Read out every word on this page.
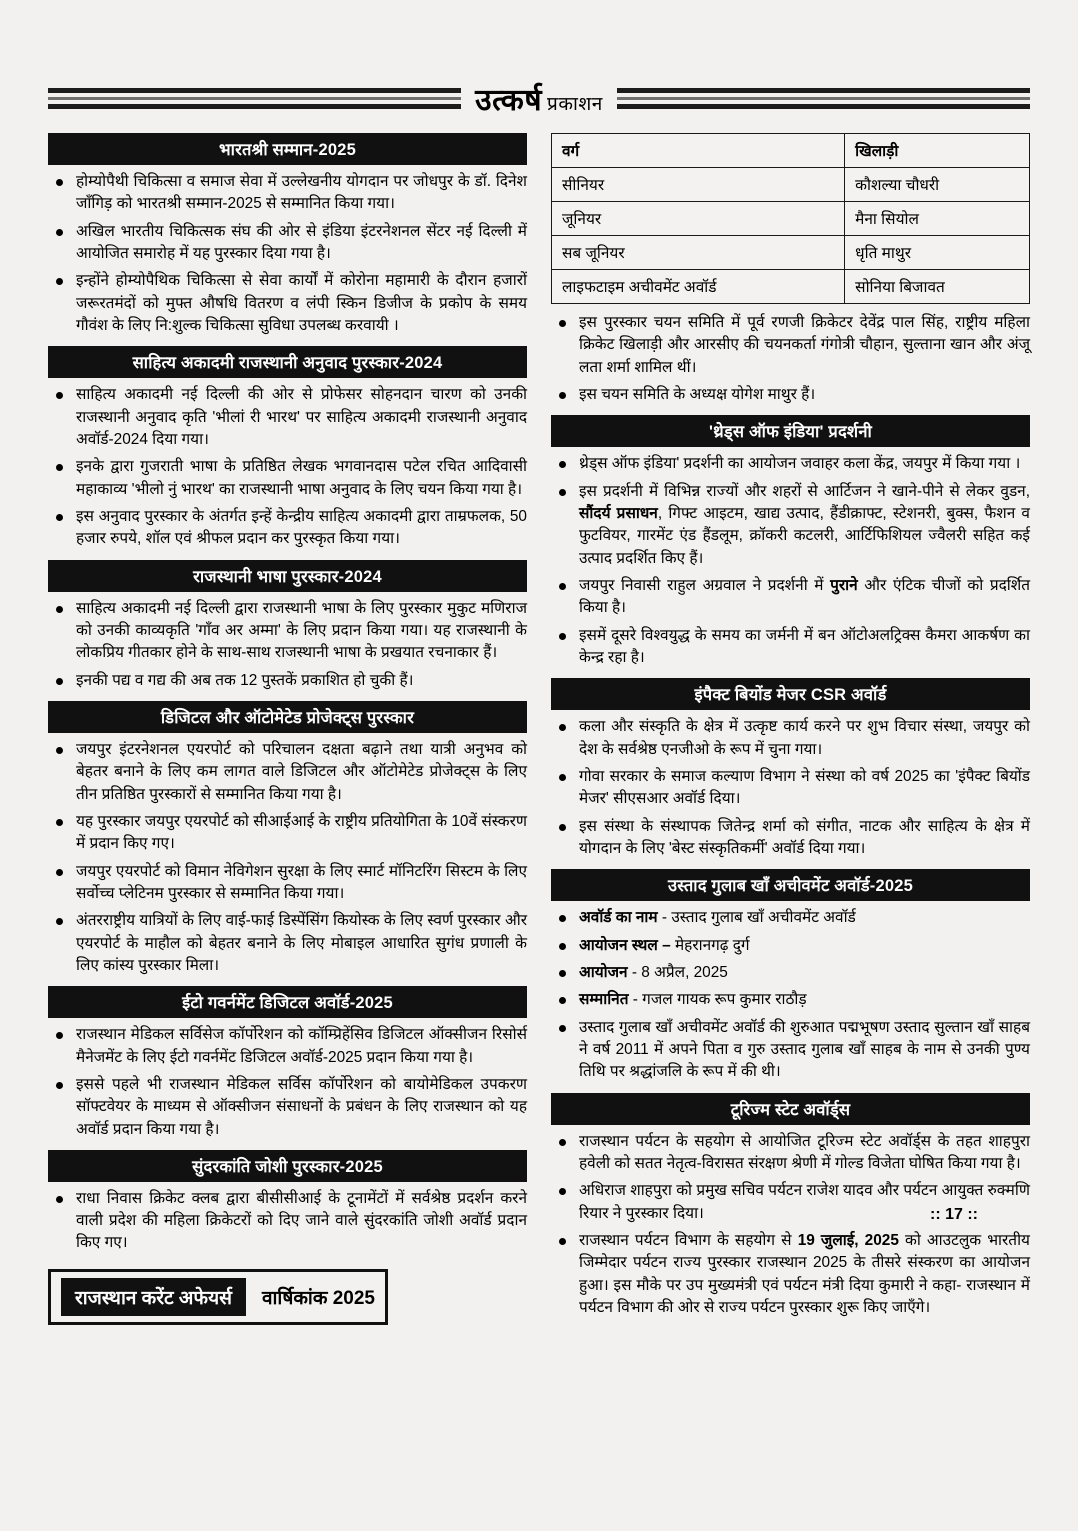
उत्कर्ष प्रकाशन
भारतश्री सम्मान-2025
होम्योपैथी चिकित्सा व समाज सेवा में उल्लेखनीय योगदान पर जोधपुर के डॉ. दिनेश जाँगिड़ को भारतश्री सम्मान-2025 से सम्मानित किया गया।
अखिल भारतीय चिकित्सक संघ की ओर से इंडिया इंटरनेशनल सेंटर नई दिल्ली में आयोजित समारोह में यह पुरस्कार दिया गया है।
इन्होंने होम्योपैथिक चिकित्सा से सेवा कार्यों में कोरोना महामारी के दौरान हजारों जरूरतमंदों को मुफ्त औषधि वितरण व लंपी स्किन डिजीज के प्रकोप के समय गौवंश के लिए नि:शुल्क चिकित्सा सुविधा उपलब्ध करवायी ।
साहित्य अकादमी राजस्थानी अनुवाद पुरस्कार-2024
साहित्य अकादमी नई दिल्ली की ओर से प्रोफेसर सोहनदान चारण को उनकी राजस्थानी अनुवाद कृति 'भीलां री भारथ' पर साहित्य अकादमी राजस्थानी अनुवाद अवॉर्ड-2024 दिया गया।
इनके द्वारा गुजराती भाषा के प्रतिष्ठित लेखक भगवानदास पटेल रचित आदिवासी महाकाव्य 'भीलो नुं भारथ' का राजस्थानी भाषा अनुवाद के लिए चयन किया गया है।
इस अनुवाद पुरस्कार के अंतर्गत इन्हें केन्द्रीय साहित्य अकादमी द्वारा ताम्रफलक, 50 हजार रुपये, शॉल एवं श्रीफल प्रदान कर पुरस्कृत किया गया।
राजस्थानी भाषा पुरस्कार-2024
साहित्य अकादमी नई दिल्ली द्वारा राजस्थानी भाषा के लिए पुरस्कार मुकुट मणिराज को उनकी काव्यकृति 'गाँव अर अम्मा' के लिए प्रदान किया गया। यह राजस्थानी के लोकप्रिय गीतकार होने के साथ-साथ राजस्थानी भाषा के प्रखयात रचनाकार हैं।
इनकी पद्य व गद्य की अब तक 12 पुस्तकें प्रकाशित हो चुकी हैं।
डिजिटल और ऑटोमेटेड प्रोजेक्ट्स पुरस्कार
जयपुर इंटरनेशनल एयरपोर्ट को परिचालन दक्षता बढ़ाने तथा यात्री अनुभव को बेहतर बनाने के लिए कम लागत वाले डिजिटल और ऑटोमेटेड प्रोजेक्ट्स के लिए तीन प्रतिष्ठित पुरस्कारों से सम्मानित किया गया है।
यह पुरस्कार जयपुर एयरपोर्ट को सीआईआई के राष्ट्रीय प्रतियोगिता के 10वें संस्करण में प्रदान किए गए।
जयपुर एयरपोर्ट को विमान नेविगेशन सुरक्षा के लिए स्मार्ट मॉनिटरिंग सिस्टम के लिए सर्वोच्च प्लेटिनम पुरस्कार से सम्मानित किया गया।
अंतरराष्ट्रीय यात्रियों के लिए वाई-फाई डिस्पेंसिंग कियोस्क के लिए स्वर्ण पुरस्कार और एयरपोर्ट के माहौल को बेहतर बनाने के लिए मोबाइल आधारित सुगंध प्रणाली के लिए कांस्य पुरस्कार मिला।
ईटो गवर्नमेंट डिजिटल अवॉर्ड-2025
राजस्थान मेडिकल सर्विसेज कॉर्पोरेशन को कॉम्प्रिहेंसिव डिजिटल ऑक्सीजन रिसोर्स मैनेजमेंट के लिए ईटो गवर्नमेंट डिजिटल अवॉर्ड-2025 प्रदान किया गया है।
इससे पहले भी राजस्थान मेडिकल सर्विस कॉर्पोरेशन को बायोमेडिकल उपकरण सॉफ्टवेयर के माध्यम से ऑक्सीजन संसाधनों के प्रबंधन के लिए राजस्थान को यह अवॉर्ड प्रदान किया गया है।
सुंदरकांति जोशी पुरस्कार-2025
राधा निवास क्रिकेट क्लब द्वारा बीसीसीआई के टूनामेंटों में सर्वश्रेष्ठ प्रदर्शन करने वाली प्रदेश की महिला क्रिकेटरों को दिए जाने वाले सुंदरकांति जोशी अवॉर्ड प्रदान किए गए।
राजस्थान करेंट अफेयर्स	वार्षिकांक 2025
वर्ग	खिलाड़ी
सीनियर	कौशल्या चौधरी
जूनियर	मैना सियोल
सब जूनियर	धृति माथुर
लाइफटाइम अचीवमेंट अवॉर्ड	सोनिया बिजावत
इस पुरस्कार चयन समिति में पूर्व रणजी क्रिकेटर देवेंद्र पाल सिंह, राष्ट्रीय महिला क्रिकेट खिलाड़ी और आरसीए की चयनकर्ता गंगोत्री चौहान, सुल्ताना खान और अंजू लता शर्मा शामिल थीं।
इस चयन समिति के अध्यक्ष योगेश माथुर हैं।
'थ्रेड्स ऑफ इंडिया' प्रदर्शनी
थ्रेड्स ऑफ इंडिया' प्रदर्शनी का आयोजन जवाहर कला केंद्र, जयपुर में किया गया ।
इस प्रदर्शनी में विभिन्न राज्यों और शहरों से आर्टिजन ने खाने-पीने से लेकर वुडन, सौंदर्य प्रसाधन, गिफ्ट आइटम, खाद्य उत्पाद, हैंडीक्राफ्ट, स्टेशनरी, बुक्स, फैशन व फुटवियर, गारमेंट एंड हैंडलूम, क्रॉकरी कटलरी, आर्टिफिशियल ज्वैलरी सहित कई उत्पाद प्रदर्शित किए हैं।
जयपुर निवासी राहुल अग्रवाल ने प्रदर्शनी में पुराने और एंटिक चीजों को प्रदर्शित किया है।
इसमें दूसरे विश्वयुद्ध के समय का जर्मनी में बन ऑटोअलट्रिक्स कैमरा आकर्षण का केन्द्र रहा है।
इंपैक्ट बियोंड मेजर CSR अवॉर्ड
कला और संस्कृति के क्षेत्र में उत्कृष्ट कार्य करने पर शुभ विचार संस्था, जयपुर को देश के सर्वश्रेष्ठ एनजीओ के रूप में चुना गया।
गोवा सरकार के समाज कल्याण विभाग ने संस्था को वर्ष 2025 का 'इंपैक्ट बियोंड मेजर' सीएसआर अवॉर्ड दिया।
इस संस्था के संस्थापक जितेन्द्र शर्मा को संगीत, नाटक और साहित्य के क्षेत्र में योगदान के लिए 'बेस्ट संस्कृतिकर्मी' अवॉर्ड दिया गया।
उस्ताद गुलाब खाँ अचीवमेंट अवॉर्ड-2025
अवॉर्ड का नाम - उस्ताद गुलाब खाँ अचीवमेंट अवॉर्ड
आयोजन स्थल – मेहरानगढ़ दुर्ग
आयोजन - 8 अप्रैल, 2025
सम्मानित - गजल गायक रूप कुमार राठौड़
उस्ताद गुलाब खाँ अचीवमेंट अवॉर्ड की शुरुआत पद्मभूषण उस्ताद सुल्तान खाँ साहब ने वर्ष 2011 में अपने पिता व गुरु उस्ताद गुलाब खाँ साहब के नाम से उनकी पुण्य तिथि पर श्रद्धांजलि के रूप में की थी।
टूरिज्म स्टेट अवॉर्ड्स
राजस्थान पर्यटन के सहयोग से आयोजित टूरिज्म स्टेट अवॉर्ड्स के तहत शाहपुरा हवेली को सतत नेतृत्व-विरासत संरक्षण श्रेणी में गोल्ड विजेता घोषित किया गया है।
अधिराज शाहपुरा को प्रमुख सचिव पर्यटन राजेश यादव और पर्यटन आयुक्त रुक्मणि रियार ने पुरस्कार दिया।
राजस्थान पर्यटन विभाग के सहयोग से 19 जुलाई, 2025 को आउटलुक भारतीय जिम्मेदार पर्यटन राज्य पुरस्कार राजस्थान 2025 के तीसरे संस्करण का आयोजन हुआ। इस मौके पर उप मुख्यमंत्री एवं पर्यटन मंत्री दिया कुमारी ने कहा- राजस्थान में पर्यटन विभाग की ओर से राज्य पर्यटन पुरस्कार शुरू किए जाएँगे।
:: 17 ::
